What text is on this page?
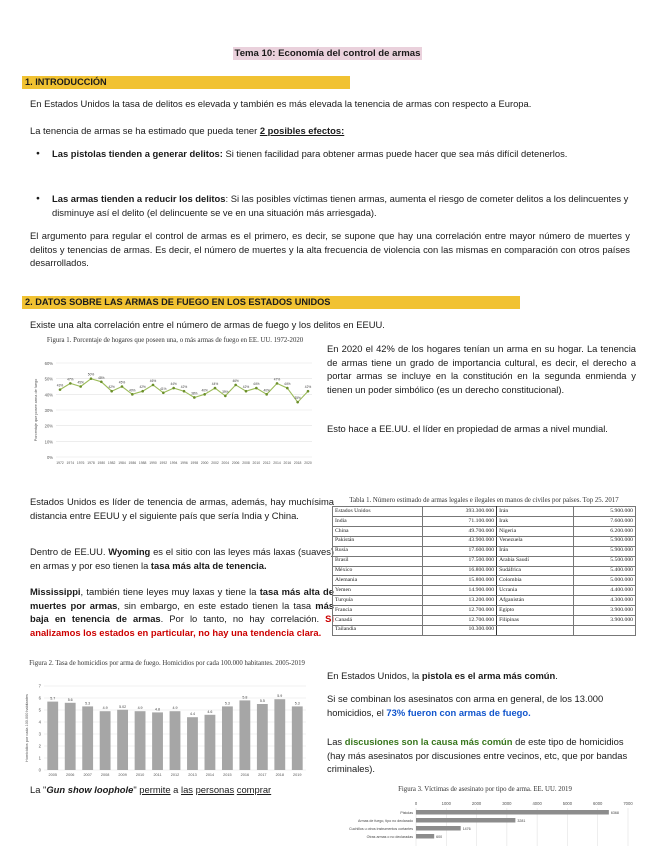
Tema 10: Economía del control de armas
1. INTRODUCCIÓN
En Estados Unidos la tasa de delitos es elevada y también es más elevada la tenencia de armas con respecto a Europa.
La tenencia de armas se ha estimado que pueda tener 2 posibles efectos:
● Las pistolas tienden a generar delitos: Si tienen facilidad para obtener armas puede hacer que sea más difícil detenerlos.
● Las armas tienden a reducir los delitos: Si las posibles víctimas tienen armas, aumenta el riesgo de cometer delitos a los delincuentes y disminuye así el delito (el delincuente se ve en una situación más arriesgada).
El argumento para regular el control de armas es el primero, es decir, se supone que hay una correlación entre mayor número de muertes y delitos y tenencias de armas. Es decir, el número de muertes y la alta frecuencia de violencia con las mismas en comparación con otros países desarrollados.
2. DATOS SOBRE LAS ARMAS DE FUEGO EN LOS ESTADOS UNIDOS
Existe una alta correlación entre el número de armas de fuego y los delitos en EEUU.
Figura 1. Porcentaje de hogares que poseen una, o más armas de fuego en EE. UU. 1972-2020
60%
50%
40%
30%
20%
10%
0%
Porcentaje que posee arma de fuego	43%
1972
47%
1974
45%
1976
50%
1978
48%
1980
42%
1982
45%
1984
40%
1986
42%
1988
46%
1990
41%
1992
44%
1994
42%
1996
38%
1998
40%
2000
44%
2002
39%
2004
46%
2006
42%
2008
44%
2010
40%
2012
47%
2014
44%
2016
35%
2018
42%
2020
En 2020 el 42% de los hogares tenían un arma en su hogar. La tenencia de armas tiene un grado de importancia cultural, es decir, el derecho a portar armas se incluye en la constitución en la segunda enmienda y tienen un poder simbólico (es un derecho constitucional).
Esto hace a EE.UU. el líder en propiedad de armas a nivel mundial.
Estados Unidos es líder de tenencia de armas, además, hay muchísima distancia entre EEUU y el siguiente país que sería India y China.
Dentro de EE.UU. Wyoming es el sitio con las leyes más laxas (suaves) en armas y por eso tienen la tasa más alta de tenencia.
Mississippi, también tiene leyes muy laxas y tiene la tasa más alta de muertes por armas, sin embargo, en este estado tienen la tasa más baja en tenencia de armas. Por lo tanto, no hay correlación. Si analizamos los estados en particular, no hay una tendencia clara.
Tabla 1. Número estimado de armas legales e ilegales en manos de civiles por países. Top 25. 2017
Estados Unidos	393.300.000	Irán	5.900.000
India	71.100.000	Irak	7.600.000
China	49.700.000	Nigeria	6.200.000
Pakistán	43.900.000	Venezuela	5.900.000
Rusia	17.600.000	Irán	5.900.000
Brasil	17.500.000	Arabia Saudí	5.500.000
México	16.800.000	Sudáfrica	5.400.000
Alemania	15.800.000	Colombia	5.000.000
Yemen	14.900.000	Ucrania	4.400.000
Turquía	13.200.000	Afganistán	4.300.000
Francia	12.700.000	Egipto	3.900.000
Canadá	12.700.000	Filipinas	3.900.000
Tailandia	10.300.000		
Figura 2. Tasa de homicidios por arma de fuego. Homicidios por cada 100.000 habitantes. 2005-2019
0
1
2
3
4
5
6
7
Homicidios por cada 100.000 habitantes	5.7
2005
5.6
2006
5.3
2007
4.9
2008
5.02
2009
4.9
2010
4.8
2011
4.9
2012
4.4
2013
4.6
2014
5.3
2015
5.8
2016
5.5
2017
5.9
2018
5.3
2019
En Estados Unidos, la pistola es el arma más común.
Si se combinan los asesinatos con arma en general, de los 13.000 homicidios, el 73% fueron con armas de fuego.
Las discusiones son la causa más común de este tipo de homicidios (hay más asesinatos por discusiones entre vecinos, etc, que por bandas criminales).
La "Gun show loophole" permite a las personas comprar	Figura 3. Víctimas de asesinato por tipo de arma. EE. UU. 2019
0	1000	2000	3000	4000	5000	6000	7000
Pistolas	6368
Armas de fuego, tipo no declarado	3281
Cuchillos u otros instrumentos cortantes	1476
Otras armas o no declaradas	600
